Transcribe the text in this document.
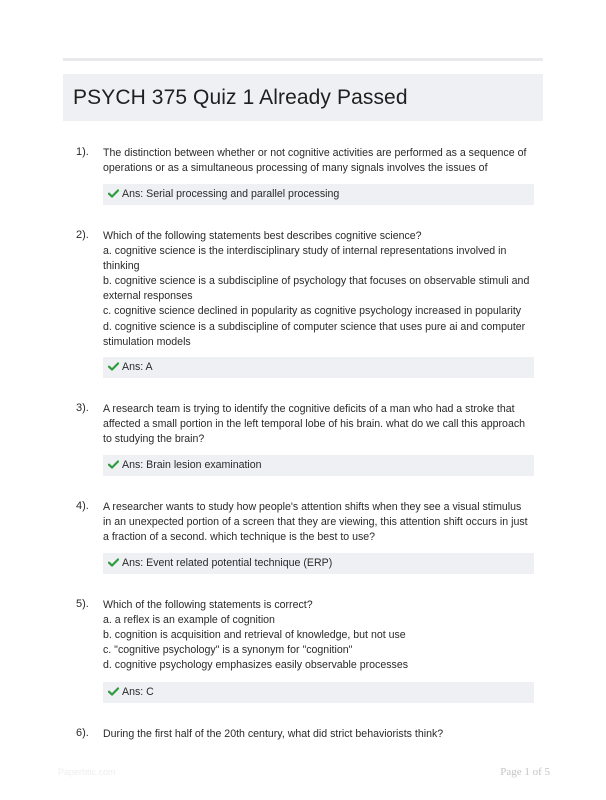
PSYCH 375 Quiz 1 Already Passed
1). The distinction between whether or not cognitive activities are performed as a sequence of
operations or as a simultaneous processing of many signals involves the issues of
Ans: Serial processing and parallel processing
2). Which of the following statements best describes cognitive science?
a. cognitive science is the interdisciplinary study of internal representations involved in
thinking
b. cognitive science is a subdiscipline of psychology that focuses on observable stimuli and
external responses
c. cognitive science declined in popularity as cognitive psychology increased in popularity
d. cognitive science is a subdiscipline of computer science that uses pure ai and computer
stimulation models
Ans: A
3). A research team is trying to identify the cognitive deficits of a man who had a stroke that
affected a small portion in the left temporal lobe of his brain. what do we call this approach
to studying the brain?
Ans: Brain lesion examination
4). A researcher wants to study how people's attention shifts when they see a visual stimulus
in an unexpected portion of a screen that they are viewing, this attention shift occurs in just
a fraction of a second. which technique is the best to use?
Ans: Event related potential technique (ERP)
5). Which of the following statements is correct?
a. a reflex is an example of cognition
b. cognition is acquisition and retrieval of knowledge, but not use
c. "cognitive psychology" is a synonym for "cognition"
d. cognitive psychology emphasizes easily observable processes
Ans: C
6). During the first half of the 20th century, what did strict behaviorists think?
Paperbtic.com	Page 1 of 5
